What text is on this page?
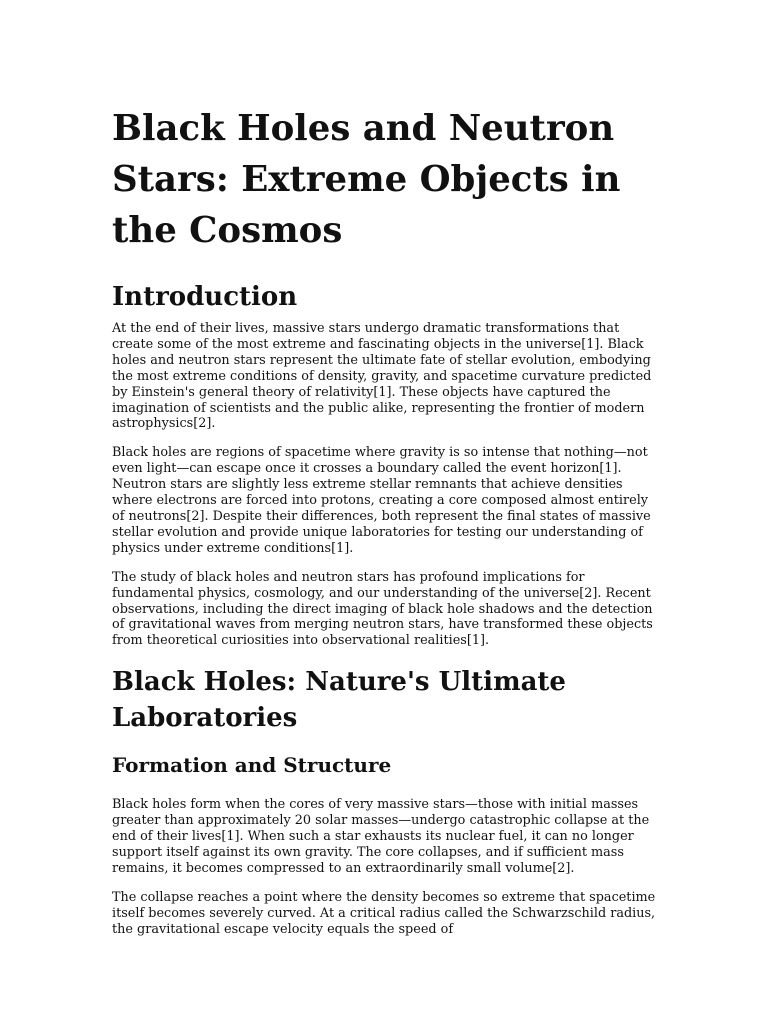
Black Holes and Neutron Stars: Extreme Objects in the Cosmos
Introduction

At the end of their lives, massive stars undergo dramatic transformations that create some of the most extreme and fascinating objects in the universe[1]. Black holes and neutron stars represent the ultimate fate of stellar evolution, embodying the most extreme conditions of density, gravity, and spacetime curvature predicted by Einstein's general theory of relativity[1]. These objects have captured the imagination of scientists and the public alike, representing the frontier of modern astrophysics[2].

Black holes are regions of spacetime where gravity is so intense that nothing—not even light—can escape once it crosses a boundary called the event horizon[1]. Neutron stars are slightly less extreme stellar remnants that achieve densities where electrons are forced into protons, creating a core composed almost entirely of neutrons[2]. Despite their differences, both represent the final states of massive stellar evolution and provide unique laboratories for testing our understanding of physics under extreme conditions[1].

The study of black holes and neutron stars has profound implications for fundamental physics, cosmology, and our understanding of the universe[2]. Recent observations, including the direct imaging of black hole shadows and the detection of gravitational waves from merging neutron stars, have transformed these objects from theoretical curiosities into observational realities[1].

Black Holes: Nature's Ultimate Laboratories
Formation and Structure

Black holes form when the cores of very massive stars—those with initial masses greater than approximately 20 solar masses—undergo catastrophic collapse at the end of their lives[1]. When such a star exhausts its nuclear fuel, it can no longer support itself against its own gravity. The core collapses, and if sufficient mass remains, it becomes compressed to an extraordinarily small volume[2].

The collapse reaches a point where the density becomes so extreme that spacetime itself becomes severely curved. At a critical radius called the Schwarzschild radius, the gravitational escape velocity equals the speed of
